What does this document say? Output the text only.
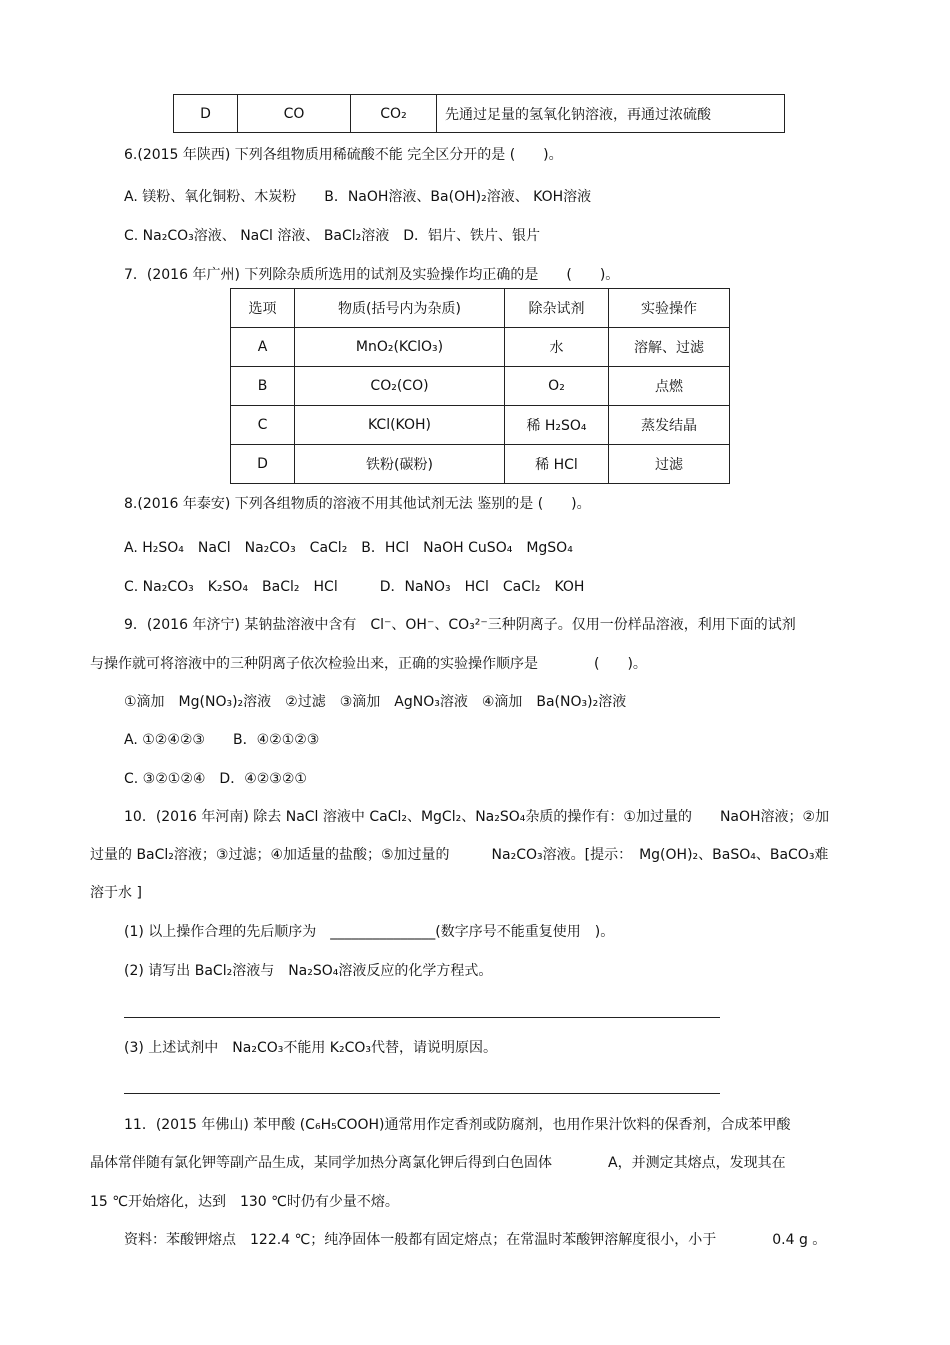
D	CO	CO₂	先通过足量的氢氧化钠溶液，再通过浓硫酸
6.(2015 年陕西) 下列各组物质用稀硫酸不能 完全区分开的是 (　　)。
A. 镁粉、氧化铜粉、木炭粉　　B．NaOH溶液、Ba(OH)₂溶液、 KOH溶液
C. Na₂CO₃溶液、 NaCl 溶液、 BaCl₂溶液　D．铝片、铁片、银片
7．(2016 年广州) 下列除杂质所选用的试剂及实验操作均正确的是　　(　　)。
选项	物质(括号内为杂质)	除杂试剂	实验操作
A	MnO₂(KClO₃)	水	溶解、过滤
B	CO₂(CO)	O₂	点燃
C	KCl(KOH)	稀 H₂SO₄	蒸发结晶
D	铁粉(碳粉)	稀 HCl	过滤
8.(2016 年泰安) 下列各组物质的溶液不用其他试剂无法 鉴别的是 (　　)。
A. H₂SO₄　NaCl　Na₂CO₃　CaCl₂　B．HCl　NaOH CuSO₄　MgSO₄
C. Na₂CO₃　K₂SO₄　BaCl₂　HCl　　　D．NaNO₃　HCl　CaCl₂　KOH
9．(2016 年济宁) 某钠盐溶液中含有　Cl⁻、OH⁻、CO₃²⁻三种阴离子。仅用一份样品溶液，利用下面的试剂
与操作就可将溶液中的三种阴离子依次检验出来，正确的实验操作顺序是　　　　(　　)。
①滴加　Mg(NO₃)₂溶液　②过滤　③滴加　AgNO₃溶液　④滴加　Ba(NO₃)₂溶液
A. ①②④②③　　B．④②①②③
C. ③②①②④　D．④②③②①
10．(2016 年河南) 除去 NaCl 溶液中 CaCl₂、MgCl₂、Na₂SO₄杂质的操作有：①加过量的　　NaOH溶液；②加
过量的 BaCl₂溶液；③过滤；④加适量的盐酸；⑤加过量的　　　Na₂CO₃溶液。[提示：　Mg(OH)₂、BaSO₄、BaCO₃难
溶于水 ]
(1) 以上操作合理的先后顺序为　_______________(数字序号不能重复使用　)。
(2) 请写出 BaCl₂溶液与　Na₂SO₄溶液反应的化学方程式。
(3) 上述试剂中　Na₂CO₃不能用 K₂CO₃代替，请说明原因。
11．(2015 年佛山) 苯甲酸 (C₆H₅COOH)通常用作定香剂或防腐剂，也用作果汁饮料的保香剂，合成苯甲酸
晶体常伴随有氯化钾等副产品生成，某同学加热分离氯化钾后得到白色固体　　　　A，并测定其熔点，发现其在
15 ℃开始熔化，达到　130 ℃时仍有少量不熔。
资料：苯酸钾熔点　122.4 ℃；纯净固体一般都有固定熔点；在常温时苯酸钾溶解度很小，小于　　　　0.4 g 。
